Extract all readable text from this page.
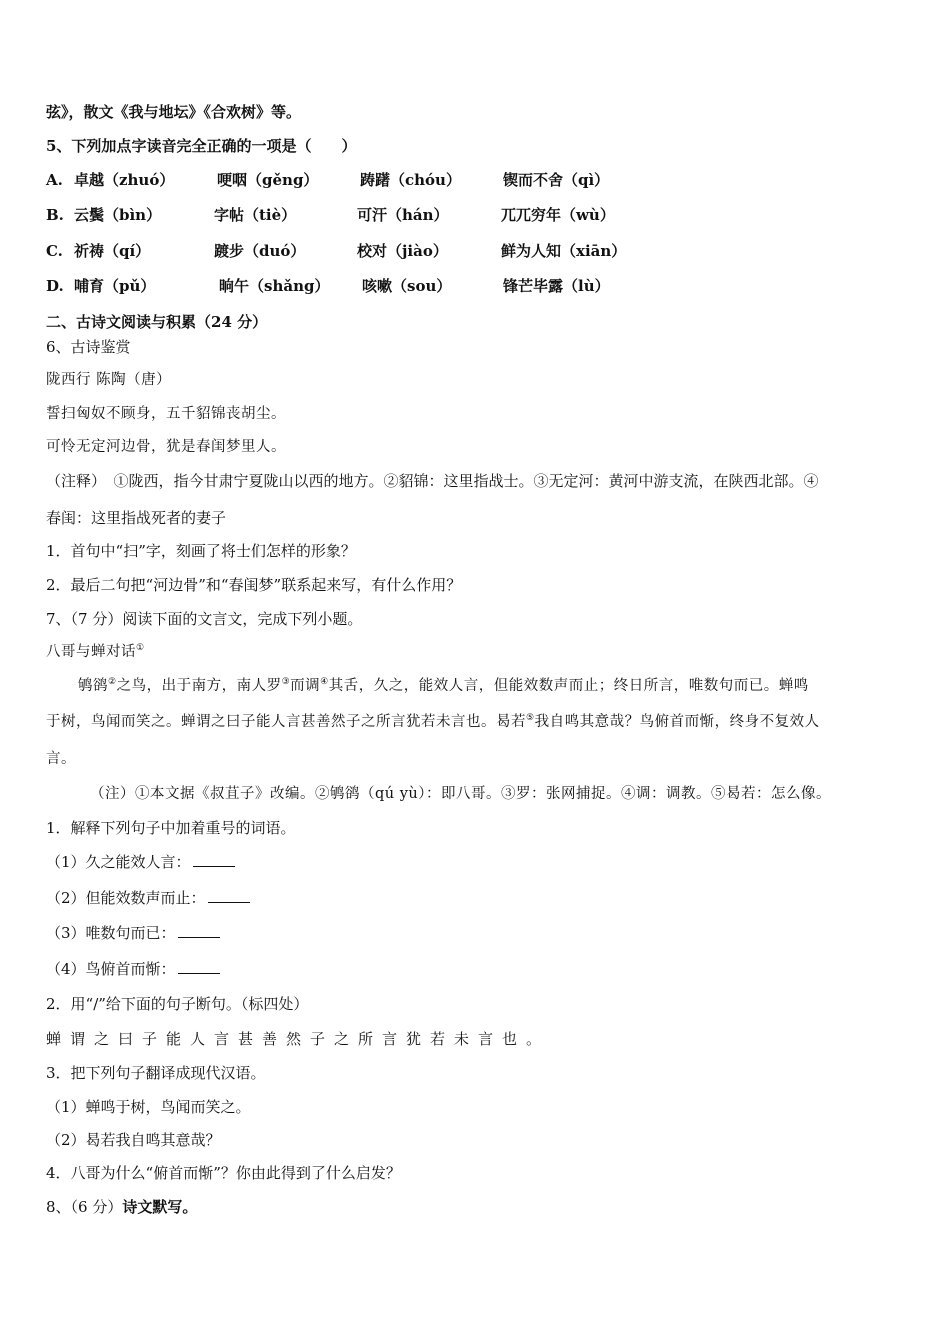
弦》，散文《我与地坛》《合欢树》等。
5、下列加点字读音完全正确的一项是（　　）
A. 卓越（zhuó）	哽咽（gěng）	踌躇（chóu）	锲而不舍（qì）
B. 云鬓（bìn）	字帖（tiè）	可汗（hán）	兀兀穷年（wù）
C. 祈祷（qí）	踱步（duó）	校对（jiào）	鲜为人知（xiān）
D. 哺育（pǔ）	晌午（shǎng） 咳嗽（sou）	锋芒毕露（lù）
二、古诗文阅读与积累（24 分）
6、古诗鉴赏
陇西行 陈陶（唐）
誓扫匈奴不顾身，五千貂锦丧胡尘。
可怜无定河边骨，犹是春闺梦里人。
（注释）　①陇西，指今甘肃宁夏陇山以西的地方。②貂锦：这里指战士。③无定河：黄河中游支流，在陕西北部。④
春闺：这里指战死者的妻子
1．首句中“扫”字，刻画了将士们怎样的形象？
2．最后二句把“河边骨”和“春闺梦”联系起来写，有什么作用？
7、（7 分）阅读下面的文言文，完成下列小题。
八哥与蝉对话①
鸲鹆②之鸟，出于南方，南人罗③而调④其舌，久之，能效人言，但能效数声而止；终日所言，唯数句而已。蝉鸣
于树，鸟闻而笑之。蝉谓之曰子能人言甚善然子之所言犹若未言也。曷若⑤我自鸣其意哉？鸟俯首而惭，终身不复效人
言。
（注）①本文据《叔苴子》改编。②鸲鹆（qú yù）：即八哥。③罗：张网捕捉。④调：调教。⑤曷若：怎么像。
1．解释下列句子中加着重号的词语。
（1）久之能效人言：
（2）但能效数声而止：
（3）唯数句而已：
（4）鸟俯首而惭：
2．用“/”给下面的句子断句。（标四处）
蝉谓之曰子能人言甚善然子之所言犹若未言也。
3．把下列句子翻译成现代汉语。
（1）蝉鸣于树，鸟闻而笑之。
（2）曷若我自鸣其意哉？
4．八哥为什么“俯首而惭”？你由此得到了什么启发？
8、（6 分）诗文默写。
